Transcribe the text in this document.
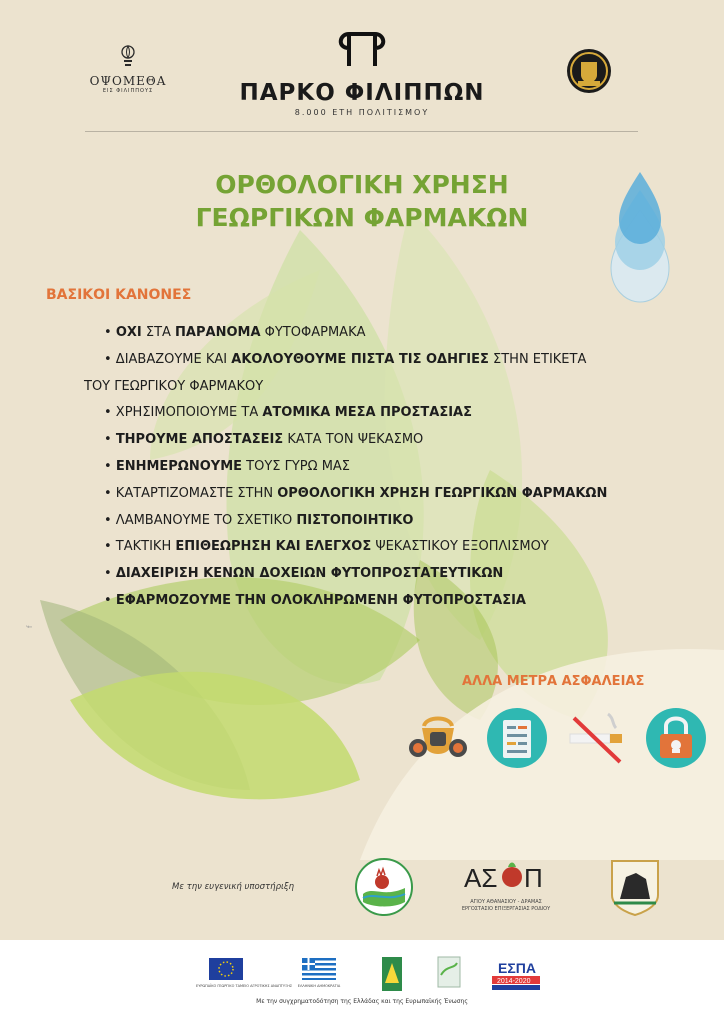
ΟΨΟΜΕΘΑ
ΕΙΣ ΦΙΛΙΠΠΟΥΣ	ΠΑΡΚΟ ΦΙΛΙΠΠΩΝ
8.000 ΕΤΗ ΠΟΛΙΤΙΣΜΟΥ
ΟΡΘΟΛΟΓΙΚΗ ΧΡΗΣΗ
ΓΕΩΡΓΙΚΩΝ ΦΑΡΜΑΚΩΝ
ΒΑΣΙΚΟΙ ΚΑΝΟΝΕΣ
• ΟΧΙ ΣΤΑ ΠΑΡΑΝΟΜΑ ΦΥΤΟΦΑΡΜΑΚΑ
• ΔΙΑΒΑΖΟΥΜΕ ΚΑΙ ΑΚΟΛΟΥΘΟΥΜΕ ΠΙΣΤΑ ΤΙΣ ΟΔΗΓΙΕΣ ΣΤΗΝ ΕΤΙΚΕΤΑ
ΤΟΥ ΓΕΩΡΓΙΚΟΥ ΦΑΡΜΑΚΟΥ
• ΧΡΗΣΙΜΟΠΟΙΟΥΜΕ ΤΑ ΑΤΟΜΙΚΑ ΜΕΣΑ ΠΡΟΣΤΑΣΙΑΣ
• ΤΗΡΟΥΜΕ ΑΠΟΣΤΑΣΕΙΣ ΚΑΤΑ ΤΟΝ ΨΕΚΑΣΜΟ
• ΕΝΗΜΕΡΩΝΟΥΜΕ ΤΟΥΣ ΓΥΡΩ ΜΑΣ
• ΚΑΤΑΡΤΙΖΟΜΑΣΤΕ ΣΤΗΝ ΟΡΘΟΛΟΓΙΚΗ ΧΡΗΣΗ ΓΕΩΡΓΙΚΩΝ ΦΑΡΜΑΚΩΝ
• ΛΑΜΒΑΝΟΥΜΕ ΤΟ ΣΧΕΤΙΚΟ ΠΙΣΤΟΠΟΙΗΤΙΚΟ
• ΤΑΚΤΙΚΗ ΕΠΙΘΕΩΡΗΣΗ ΚΑΙ ΕΛΕΓΧΟΣ ΨΕΚΑΣΤΙΚΟΥ ΕΞΟΠΛΙΣΜΟΥ
• ΔΙΑΧΕΙΡΙΣΗ ΚΕΝΩΝ ΔΟΧΕΙΩΝ ΦΥΤΟΠΡΟΣΤΑΤΕΥΤΙΚΩΝ
• ΕΦΑΡΜΟΖΟΥΜΕ ΤΗΝ ΟΛΟΚΛΗΡΩΜΕΝΗ ΦΥΤΟΠΡΟΣΤΑΣΙΑ
f
ΑΛΛΑ ΜΕΤΡΑ ΑΣΦΑΛΕΙΑΣ
Με την ευγενική υποστήριξη	ΑΣ Π
ΑΓΙΟΥ ΑΘΑΝΑΣΙΟΥ - ΔΡΑΜΑΣ
ΕΡΓΟΣΤΑΣΙΟ ΕΠΙΞΕΡΓΑΣΙΑΣ ΡΟΔΙΟΥ
ΕΣΠΑ
2014-2020
ΕΥΡΩΠΑΪΚΟ ΓΕΩΡΓΙΚΟ ΤΑΜΕΙΟ ΑΓΡΟΤΙΚΗΣ ΑΝΑΠΤΥΞΗΣ	ΕΛΛΗΝΙΚΗ ΔΗΜΟΚΡΑΤΙΑ
Με την συγχρηματοδότηση της Ελλάδας και της Ευρωπαϊκής Ένωσης
